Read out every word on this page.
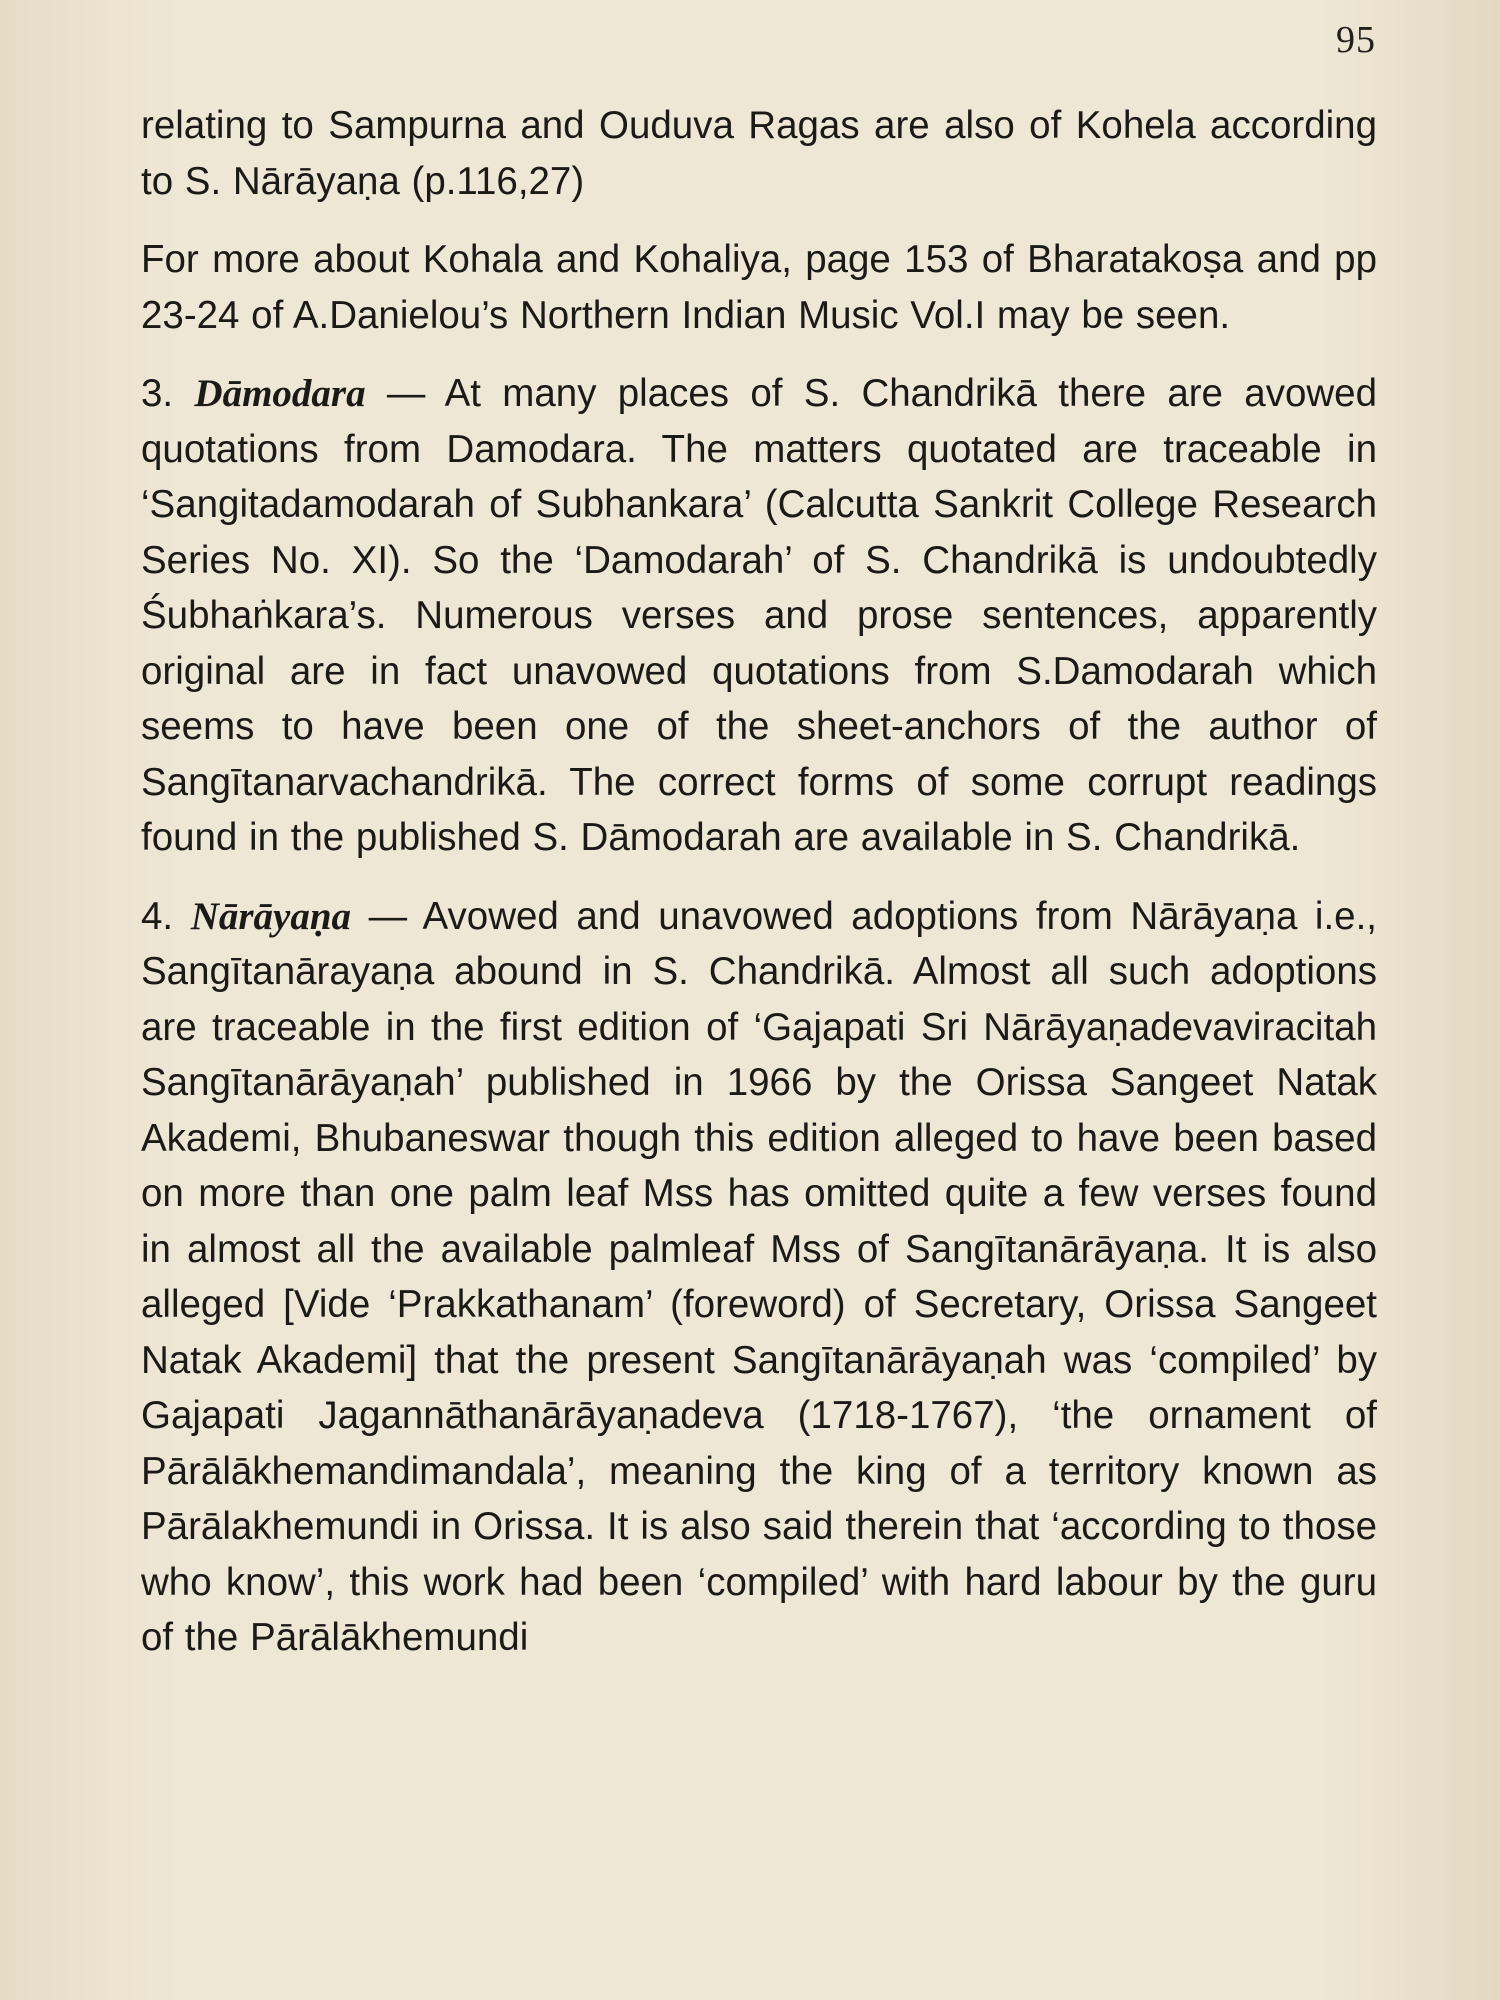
95

relating to Sampurna and Ouduva Ragas are also of Kohela according to S. Nārāyaṇa (p.116,27)

For more about Kohala and Kohaliya, page 153 of Bharatakoṣa and pp 23-24 of A.Danielou’s Northern Indian Music Vol.I may be seen.

3. Dāmodara — At many places of S. Chandrikā there are avowed quotations from Damodara. The matters quotated are traceable in ‘Sangitadamodarah of Subhankara’ (Calcutta Sankrit College Research Series No. XI). So the ‘Damodarah’ of S. Chandrikā is undoubtedly Śubhaṅkara’s. Numerous verses and prose sentences, apparently original are in fact unavowed quotations from S.Damodarah which seems to have been one of the sheet-anchors of the author of Sangītanarvachandrikā. The correct forms of some corrupt readings found in the published S. Dāmodarah are available in S. Chandrikā.

4. Nārāyaṇa — Avowed and unavowed adoptions from Nārāyaṇa i.e., Sangītanārayaṇa abound in S. Chandrikā. Almost all such adoptions are traceable in the first edition of ‘Gajapati Sri Nārāyaṇadevaviracitah Sangītanārāyaṇah’ published in 1966 by the Orissa Sangeet Natak Akademi, Bhubaneswar though this edition alleged to have been based on more than one palm leaf Mss has omitted quite a few verses found in almost all the available palmleaf Mss of Sangītanārāyaṇa. It is also alleged [Vide ‘Prakkathanam’ (foreword) of Secretary, Orissa Sangeet Natak Akademi] that the present Sangītanārāyaṇah was ‘compiled’ by Gajapati Jagannāthanārāyaṇadeva (1718-1767), ‘the ornament of Pārālākhemandimandala’, meaning the king of a territory known as Pārālakhemundi in Orissa. It is also said therein that ‘according to those who know’, this work had been ‘compiled’ with hard labour by the guru of the Pārālākhemundi
